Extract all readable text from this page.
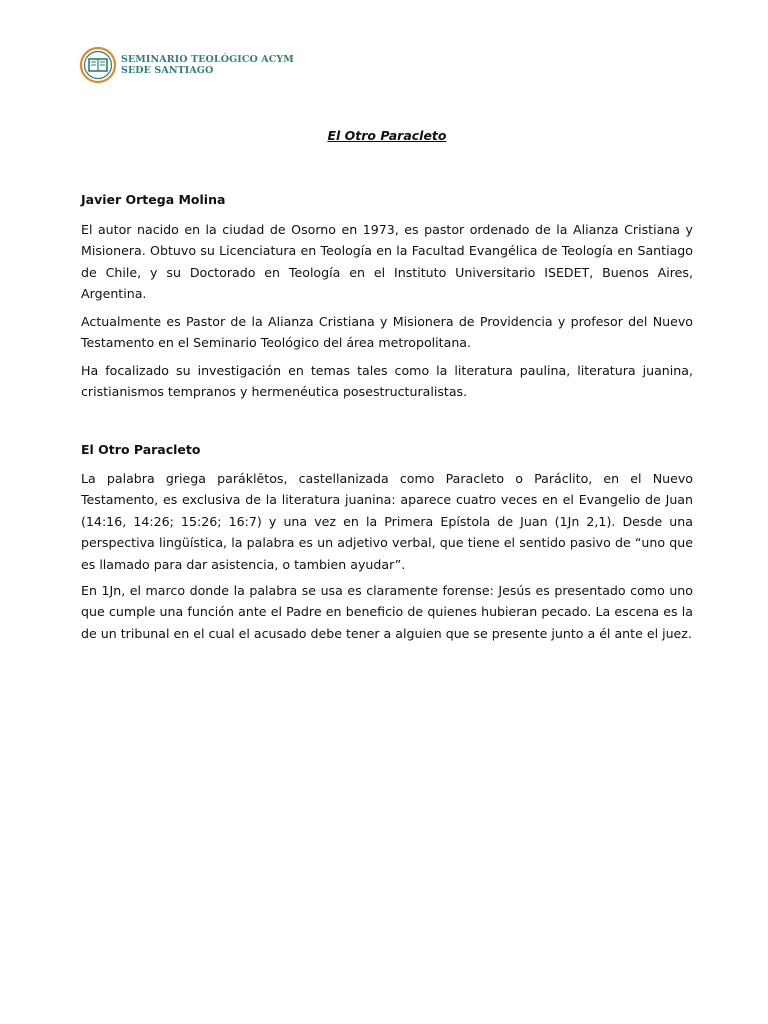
SEMINARIO TEOLÓGICO ACYM
SEDE SANTIAGO
El Otro Paracleto
Javier Ortega Molina

El autor nacido en la ciudad de Osorno en 1973, es pastor ordenado de la Alianza Cristiana y Misionera. Obtuvo su Licenciatura en Teología en la Facultad Evangélica de Teología en Santiago de Chile, y su Doctorado en Teología en el Instituto Universitario ISEDET, Buenos Aires, Argentina.

Actualmente es Pastor de la Alianza Cristiana y Misionera de Providencia y profesor del Nuevo Testamento en el Seminario Teológico del área metropolitana.

Ha focalizado su investigación en temas tales como la literatura paulina, literatura juanina, cristianismos tempranos y hermenéutica posestructuralistas.

El Otro Paracleto

La palabra griega paráklētos, castellanizada como Paracleto o Paráclito, en el Nuevo Testamento, es exclusiva de la literatura juanina: aparece cuatro veces en el Evangelio de Juan (14:16, 14:26; 15:26; 16:7) y una vez en la Primera Epístola de Juan (1Jn 2,1). Desde una perspectiva lingüística, la palabra es un adjetivo verbal, que tiene el sentido pasivo de “uno que es llamado para dar asistencia, o tambien ayudar”.

En 1Jn, el marco donde la palabra se usa es claramente forense: Jesús es presentado como uno que cumple una función ante el Padre en beneficio de quienes hubieran pecado. La escena es la de un tribunal en el cual el acusado debe tener a alguien que se presente junto a él ante el juez.
